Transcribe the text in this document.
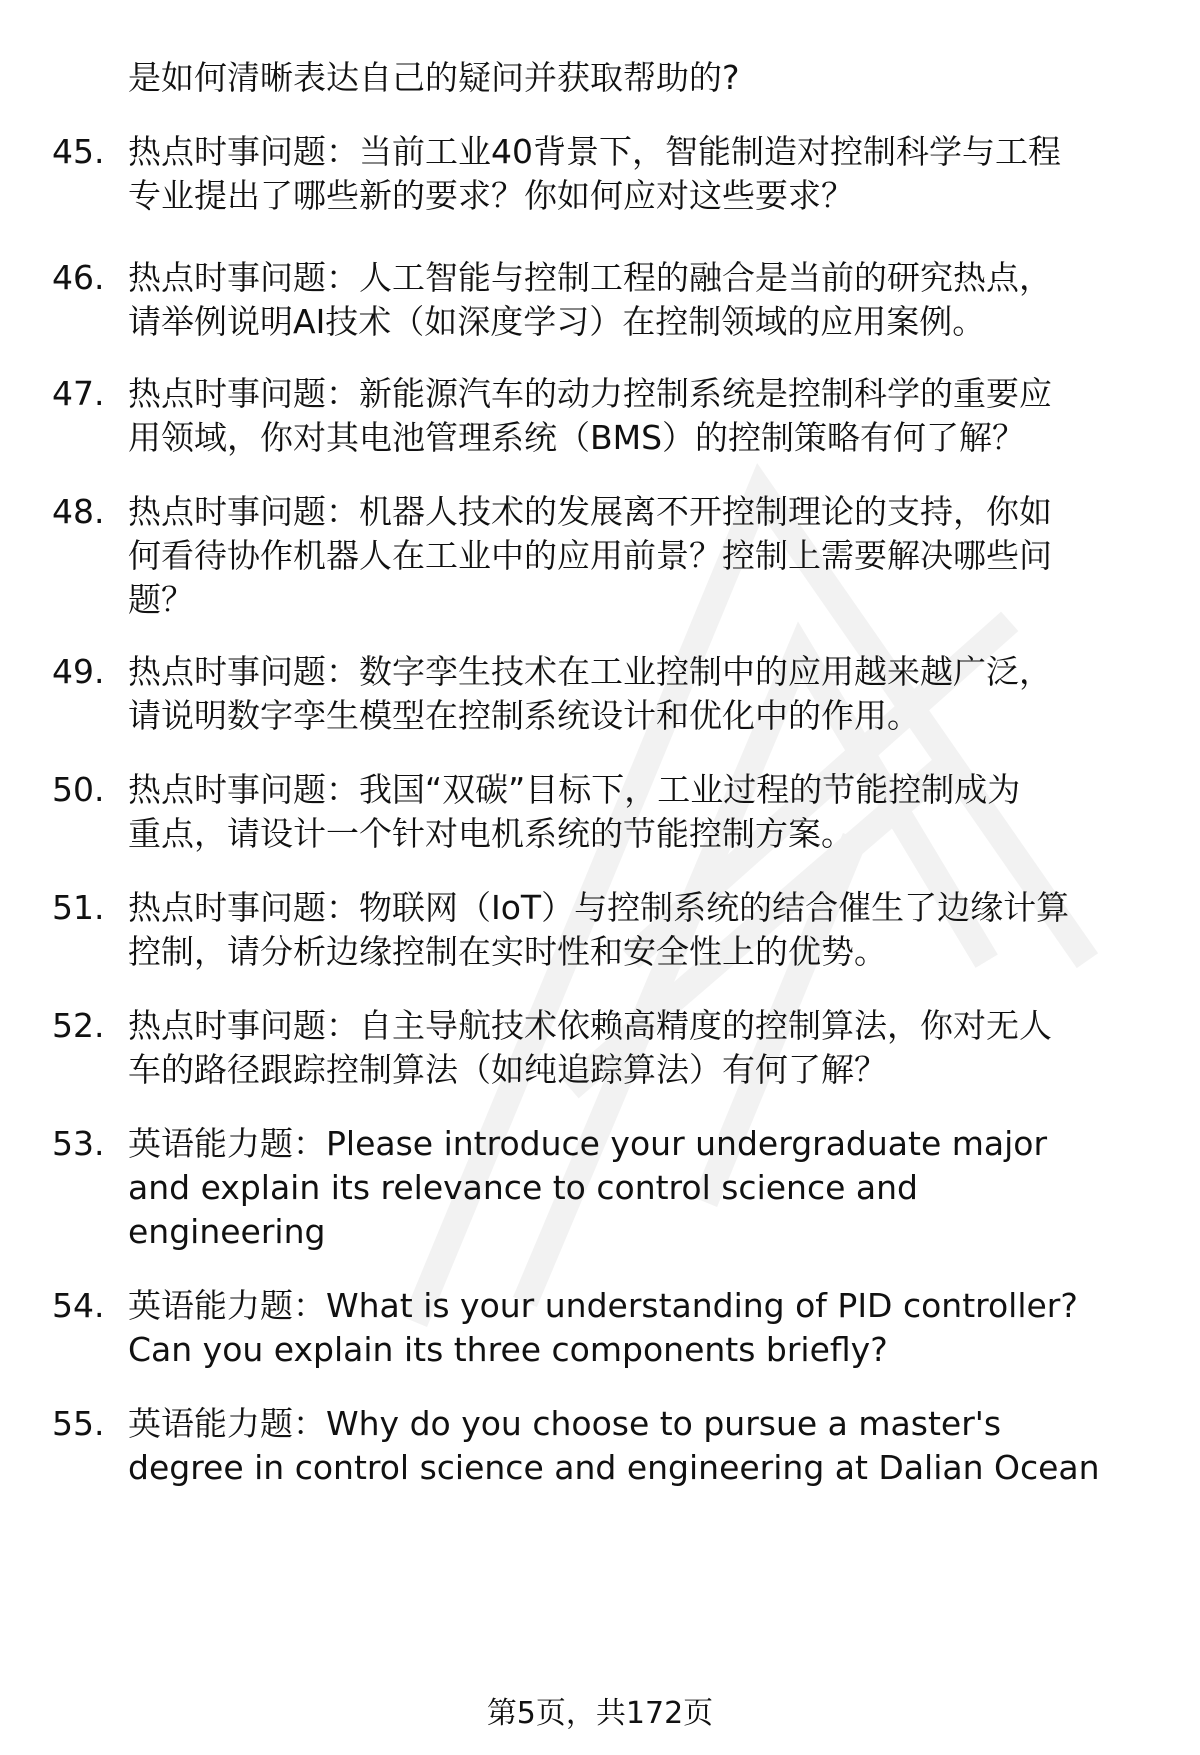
是如何清晰表达自己的疑问并获取帮助的?
45. 热点时事问题：当前工业40背景下，智能制造对控制科学与工程
专业提出了哪些新的要求？你如何应对这些要求？
46. 热点时事问题：人工智能与控制工程的融合是当前的研究热点，
请举例说明AI技术（如深度学习）在控制领域的应用案例。
47. 热点时事问题：新能源汽车的动力控制系统是控制科学的重要应
用领域，你对其电池管理系统（BMS）的控制策略有何了解？
48. 热点时事问题：机器人技术的发展离不开控制理论的支持，你如
何看待协作机器人在工业中的应用前景？控制上需要解决哪些问
题？
49. 热点时事问题：数字孪生技术在工业控制中的应用越来越广泛，
请说明数字孪生模型在控制系统设计和优化中的作用。
50. 热点时事问题：我国“双碳”目标下，工业过程的节能控制成为
重点，请设计一个针对电机系统的节能控制方案。
51. 热点时事问题：物联网（IoT）与控制系统的结合催生了边缘计算
控制，请分析边缘控制在实时性和安全性上的优势。
52. 热点时事问题：自主导航技术依赖高精度的控制算法，你对无人
车的路径跟踪控制算法（如纯追踪算法）有何了解？
53. 英语能力题：Please introduce your undergraduate major
and explain its relevance to control science and
engineering
54. 英语能力题：What is your understanding of PID controller?
Can you explain its three components briefly?
55. 英语能力题：Why do you choose to pursue a master's
degree in control science and engineering at Dalian Ocean
第5页，共172页
